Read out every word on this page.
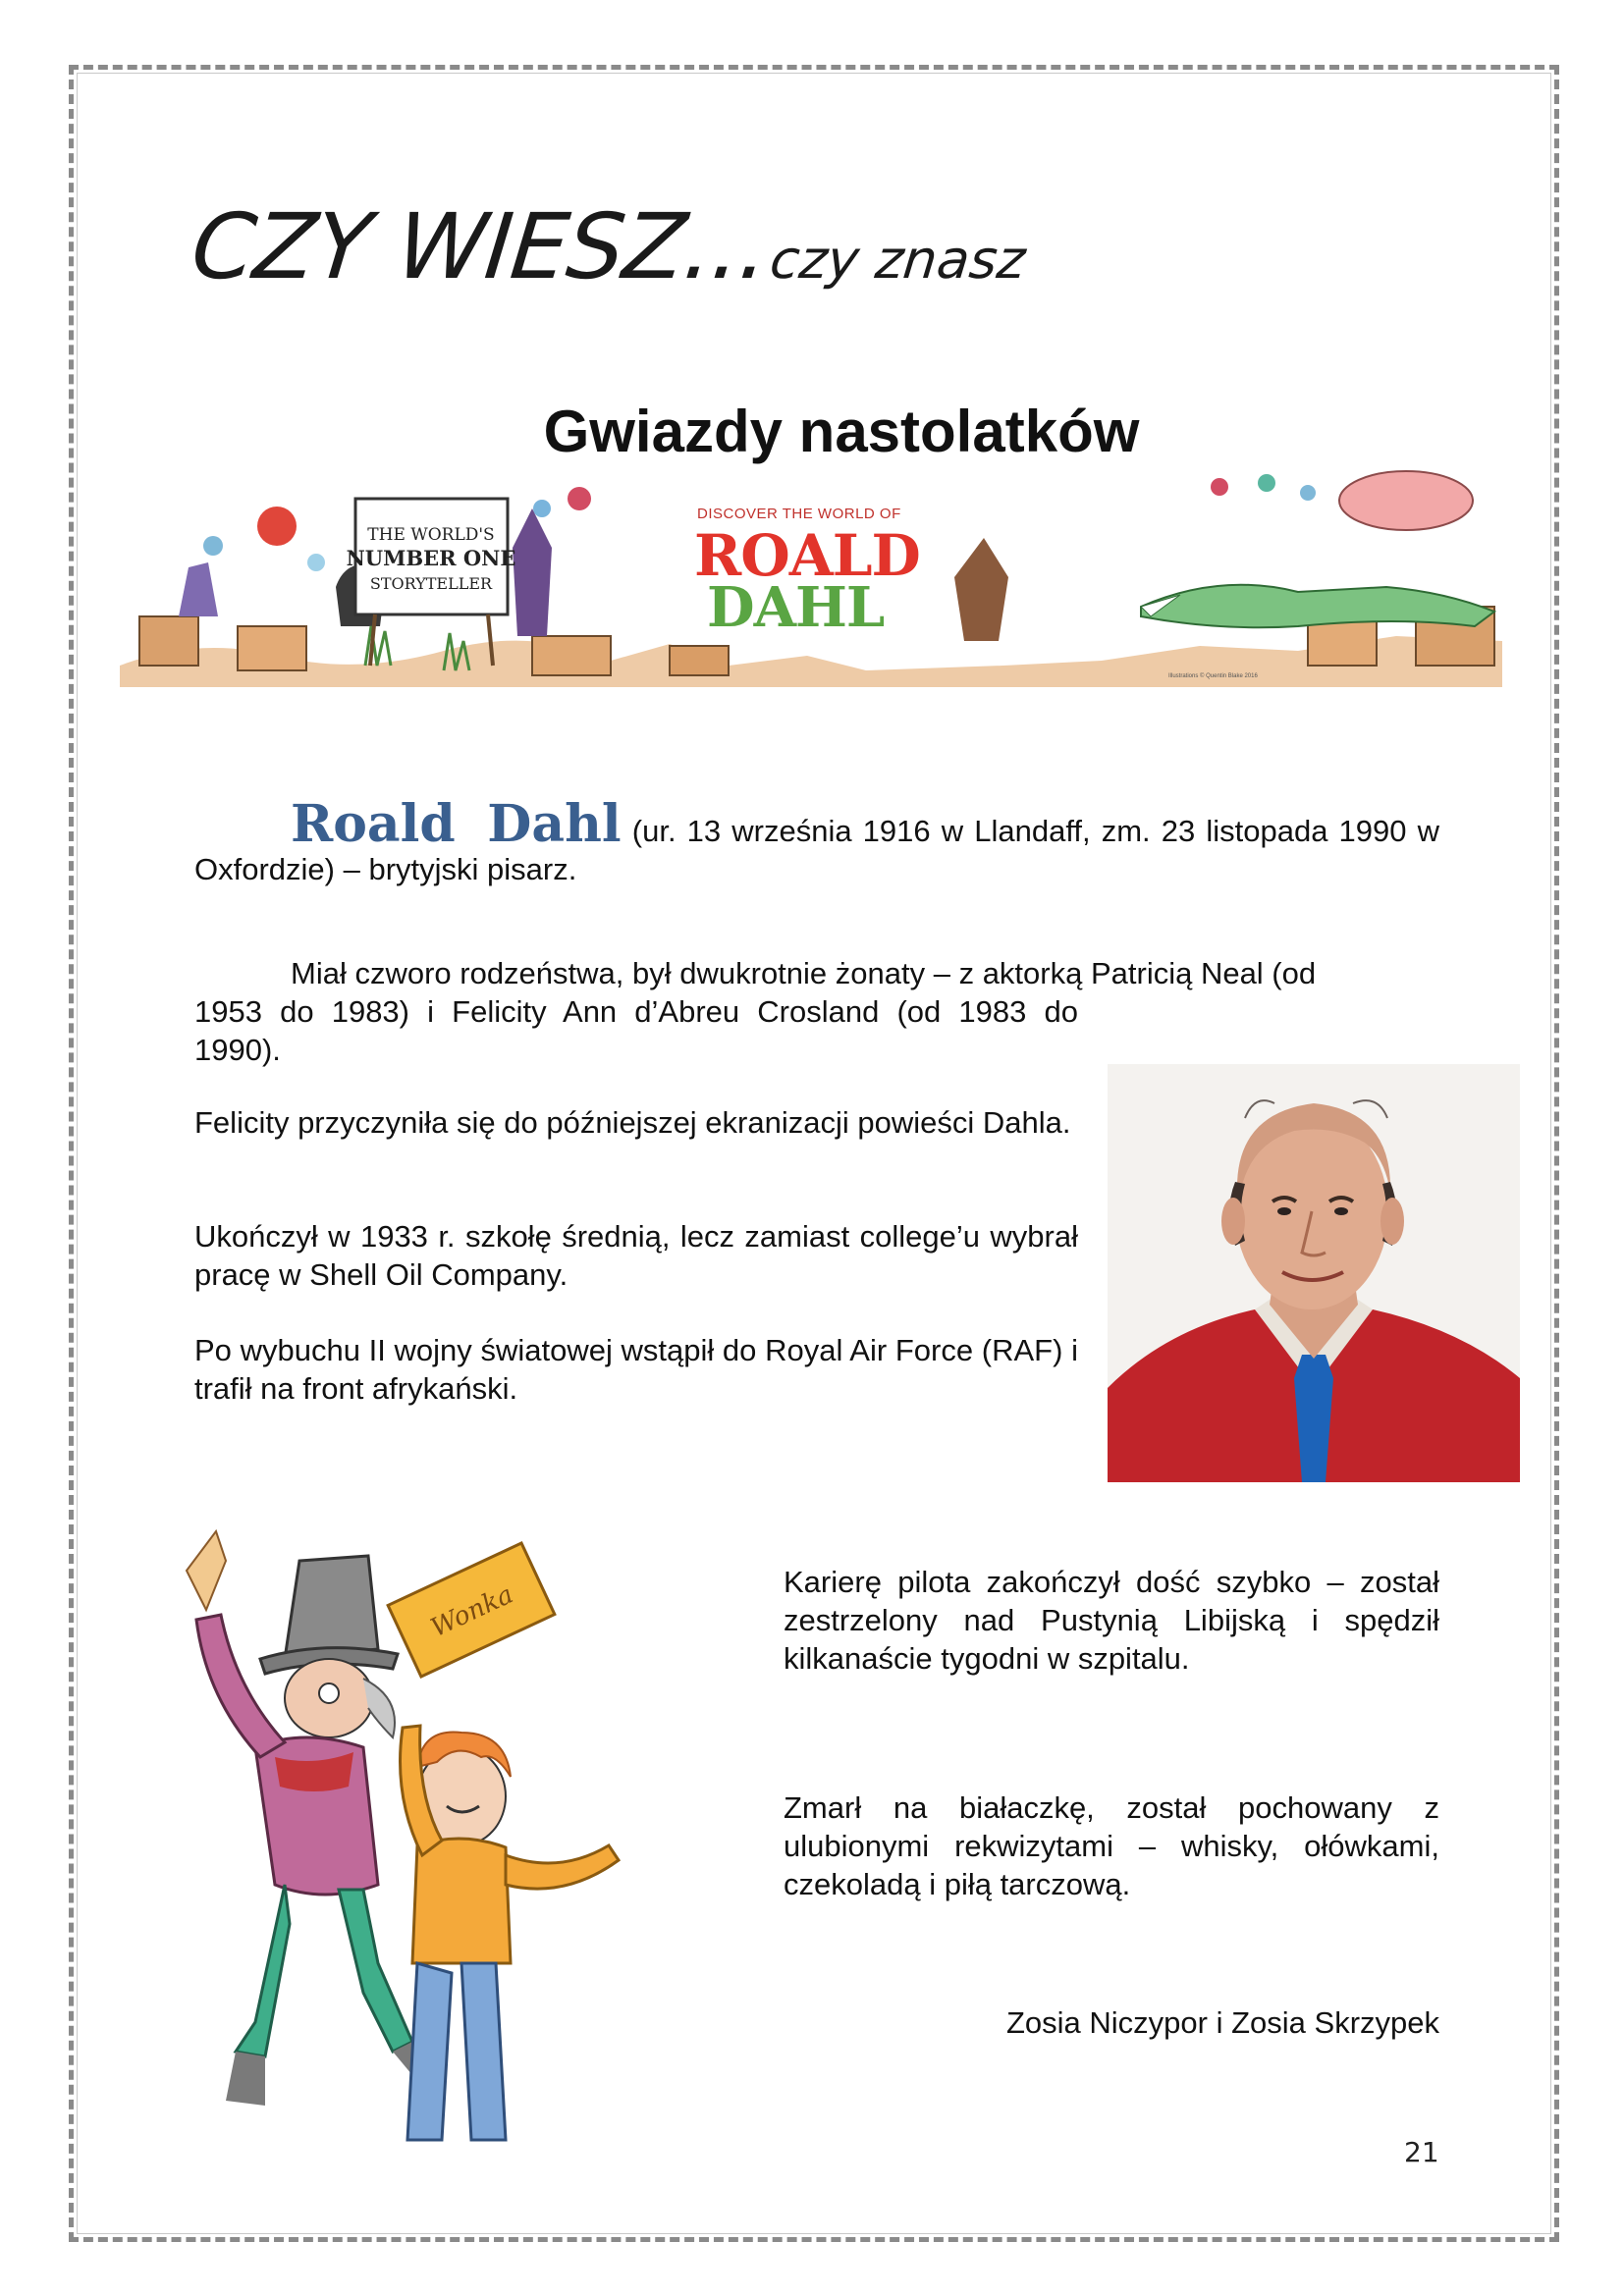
CZY WIESZ...czy znasz
Gwiazdy nastolatków
THE WORLD'S
NUMBER ONE
STORYTELLER
DISCOVER THE WORLD OF
ROALD
DAHL
Illustrations © Quentin Blake 2016
Roald Dahl (ur. 13 września 1916 w Llandaff, zm. 23 listopada 1990 w Oxfordzie) – brytyjski pisarz.
Miał czworo rodzeństwa, był dwukrotnie żonaty – z aktorką Patricią Neal (od
1953 do 1983) i Felicity Ann d’Abreu Crosland (od 1983 do 1990).
Felicity przyczyniła się do późniejszej ekranizacji powieści Dahla.
Ukończył w 1933 r. szkołę średnią, lecz zamiast college’u wybrał pracę w Shell Oil Company.
Po wybuchu II wojny światowej wstąpił do Royal Air Force (RAF) i trafił na front afrykański.
Wonka	Karierę pilota zakończył dość szybko – został zestrzelony nad Pustynią Libijską i spędził kilkanaście tygodni w szpitalu.
Zmarł na białaczkę, został pochowany z ulubionymi rekwizytami – whisky, ołówkami, czekoladą i piłą tarczową.
Zosia Niczypor i Zosia Skrzypek
21
